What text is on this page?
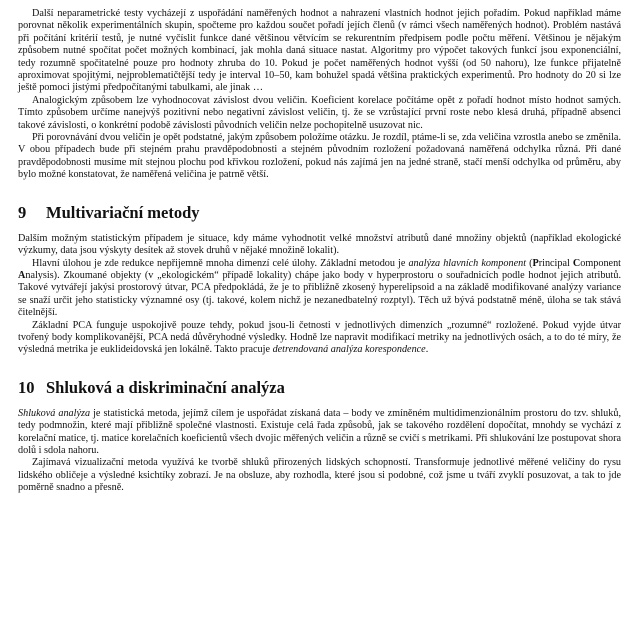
Další neparametrické testy vycházejí z uspořádání naměřených hodnot a nahrazení vlastních hodnot jejich pořadím. Pokud například máme porovnat několik experimentálních skupin, spočteme pro každou součet pořadí jejích členů (v rámci všech naměřených hodnot). Problém nastává při počítání kritérií testů, je nutné vyčíslit funkce dané většinou větvícím se rekurentním předpisem podle počtu měření. Většinou je nějakým způsobem nutné spočítat počet možných kombinací, jak mohla daná situace nastat. Algoritmy pro výpočet takových funkcí jsou exponenciální, tedy rozumně spočitatelné pouze pro hodnoty zhruba do 10. Pokud je počet naměřených hodnot vyšší (od 50 nahoru), lze funkce přijatelně aproximovat spojitými, nejproblematičtější tedy je interval 10–50, kam bohužel spadá většina praktických experimentů. Pro hodnoty do 20 si lze ještě pomoci jistými předpočítanými tabulkami, ale jinak …

Analogickým způsobem lze vyhodnocovat závislost dvou veličin. Koeficient korelace počítáme opět z pořadí hodnot místo hodnot samých. Tímto způsobem určíme nanejvýš pozitivní nebo negativní závislost veličin, tj. že se vzrůstající první roste nebo klesá druhá, případně absenci takové závislosti, o konkrétní podobě závislosti původních veličin nelze pochopitelně usuzovat nic.

Při porovnávání dvou veličin je opět podstatné, jakým způsobem položíme otázku. Je rozdíl, ptáme-li se, zda veličina vzrostla anebo se změnila. V obou případech bude při stejném prahu pravděpodobnosti a stejném původním rozložení požadovaná naměřená odchylka různá. Při dané pravděpodobnosti musíme mít stejnou plochu pod křivkou rozložení, pokud nás zajímá jen na jedné straně, stačí menší odchylka od průměru, aby bylo možné konstatovat, že naměřená veličina je patrně větší.

9 Multivariační metody

Dalším možným statistickým případem je situace, kdy máme vyhodnotit velké množství atributů dané množiny objektů (například ekologické výzkumy, data jsou výskyty desítek až stovek druhů v nějaké množině lokalit).

Hlavní úlohou je zde redukce nepřijemně mnoha dimenzí celé úlohy. Základní metodou je analýza hlavních komponent (Principal Component Analysis). Zkoumané objekty (v „ekologickém“ případě lokality) chápe jako body v hyperprostoru o souřadnicích podle hodnot jejich atributů. Takové vytvářejí jakýsi prostorový útvar, PCA předpokládá, že je to přibližně zkosený hyperelipsoid a na základě modifikované analýzy variance se snaží určit jeho statisticky významné osy (tj. takové, kolem nichž je nezanedbatelný rozptyl). Těch už bývá podstatně méně, úloha se tak stává čitelnější.

Základní PCA funguje uspokojivě pouze tehdy, pokud jsou-li četnosti v jednotlivých dimenzích „rozumné“ rozložené. Pokud vyjde útvar tvořený body komplikovanější, PCA nedá důvěryhodné výsledky. Hodně lze napravit modifikací metriky na jednotlivých osách, a to do té míry, že výsledná metrika je euklideidovská jen lokálně. Takto pracuje detrendovaná analýza korespondence.

10 Shluková a diskriminační analýza

Shluková analýza je statistická metoda, jejímž cílem je uspořádat získaná data – body ve zmíněném multidimenzionálním prostoru do tzv. shluků, tedy podmnožin, které mají přibližně společné vlastnosti. Existuje celá řada způsobů, jak se takového rozdělení dopočítat, mnohdy se vychází z korelační matice, tj. matice korelačních koeficientů všech dvojic měřených veličin a různě se cvičí s metrikami. Při shlukování lze postupovat shora dolů i sdola nahoru.

Zajímavá vizualizační metoda využívá ke tvorbě shluků přirozených lidských schopností. Transformuje jednotlivé měřené veličiny do rysu lidského obličeje a výsledné ksichtíky zobrazí. Je na obsluze, aby rozhodla, které jsou si podobné, což jsme u tváří zvyklí posuzovat, a tak to jde poměrně snadno a přesně.
